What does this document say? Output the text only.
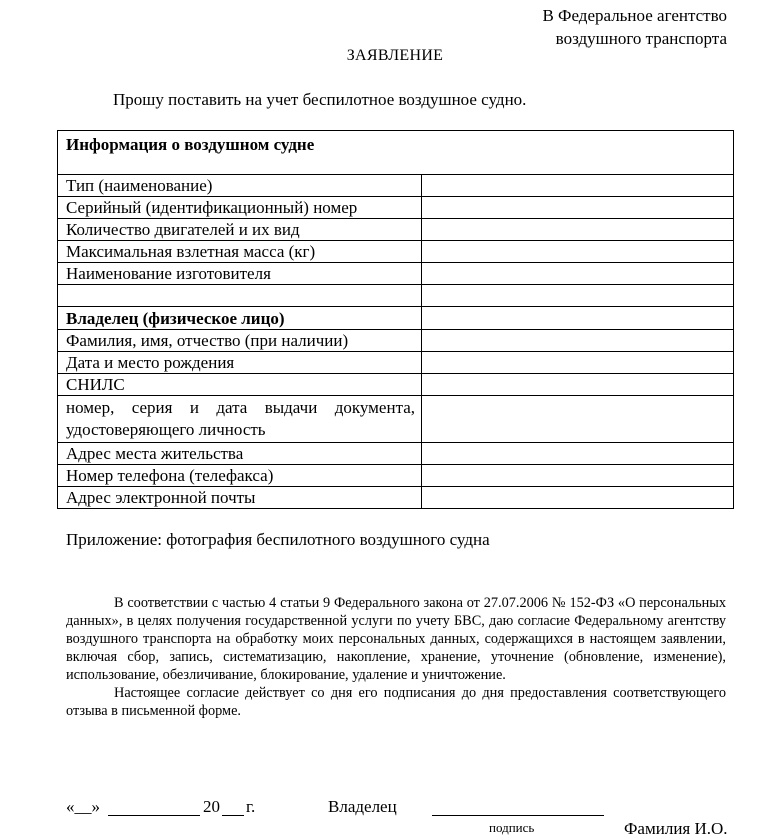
В Федеральное агентство
воздушного транспорта
ЗАЯВЛЕНИЕ
Прошу поставить на учет беспилотное воздушное судно.
Информация о воздушном судне	
Тип (наименование)	
Серийный (идентификационный) номер	
Количество двигателей и их вид	
Максимальная взлетная масса (кг)	
Наименование изготовителя	

Владелец (физическое лицо)	
Фамилия, имя, отчество (при наличии)	
Дата и место рождения	
СНИЛС	
номер, серия и дата выдачи документа, удостоверяющего личность	
Адрес места жительства	
Номер телефона (телефакса)	
Адрес электронной почты	
Приложение: фотография беспилотного воздушного судна

В соответствии с частью 4 статьи 9 Федерального закона от 27.07.2006 № 152-ФЗ «О персональных данных», в целях получения государственной услуги по учету БВС, даю согласие Федеральному агентству воздушного транспорта на обработку моих персональных данных, содержащихся в настоящем заявлении, включая сбор, запись, систематизацию, накопление, хранение, уточнение (обновление, изменение), использование, обезличивание, блокирование, удаление и уничтожение.

Настоящее согласие действует со дня его подписания до дня предоставления соответствующего отзыва в письменной форме.

«__»	20 г.	Владелец
подпись	Фамилия И.О.
